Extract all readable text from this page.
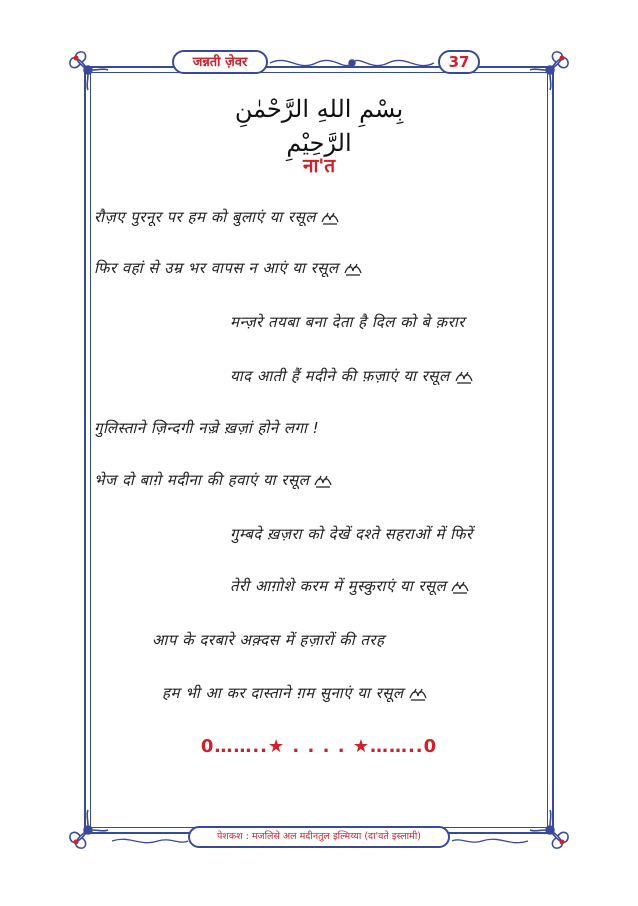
जन्नती ज़ेवर	37
بِسْمِ اللهِ الرَّحْمٰنِ الرَّحِيْمِ
ना'त
रौज़ए पुरनूर पर हम को बुलाएं या रसूल
फिर वहां से उम्र भर वापस न आएं या रसूल
मन्ज़रे तयबा बना देता है दिल को बे क़रार
याद आती हैं मदीने की फ़ज़ाएं या रसूल
गुलिस्ताने ज़िन्दगी नज़्रे ख़ज़ां होने लगा !
भेज दो बाग़े मदीना की हवाएं या रसूल
गुम्बदे ख़ज़रा को देखें दश्ते सहराओं में फिरें
तेरी आग़ोशे करम में मुस्कुराएं या रसूल
आप के दरबारे अक़्दस में हज़ारों की तरह
हम भी आ कर दास्ताने ग़म सुनाएं या रसूल
0……..★ . . . . ★……..0
पेशकश : मजलिसे अल मदीनतुल इल्मिय्या (दा'वते इस्लामी)
